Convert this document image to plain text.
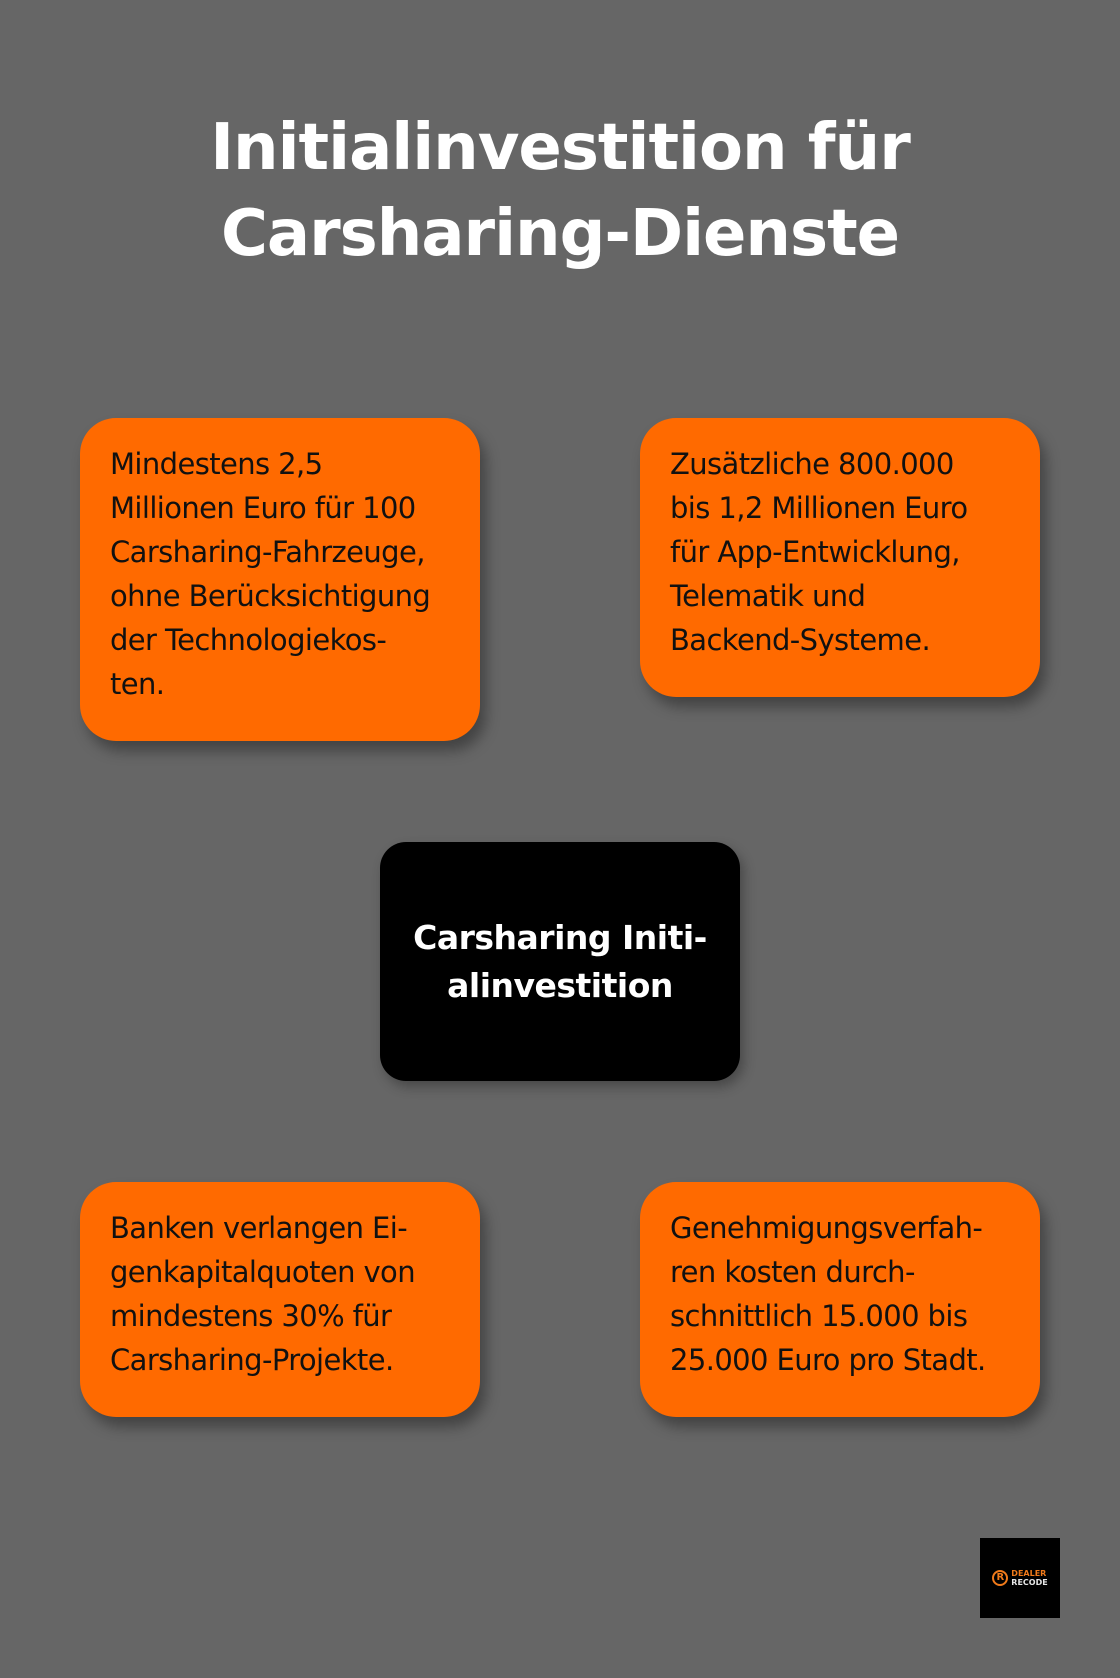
Initialinvestition für
Carsharing-Dienste
Mindestens 2,5
Millionen Euro für 100
Carsharing-Fahrzeuge,
ohne Berücksichtigung
der Technologiekos-
ten.
Zusätzliche 800.000
bis 1,2 Millionen Euro
für App-Entwicklung,
Telematik und
Backend-Systeme.
Carsharing Initi-
alinvestition
Banken verlangen Ei-
genkapitalquoten von
mindestens 30% für
Carsharing-Projekte.
Genehmigungsverfah-
ren kosten durch-
schnittlich 15.000 bis
25.000 Euro pro Stadt.
R DEALER
RECODE
